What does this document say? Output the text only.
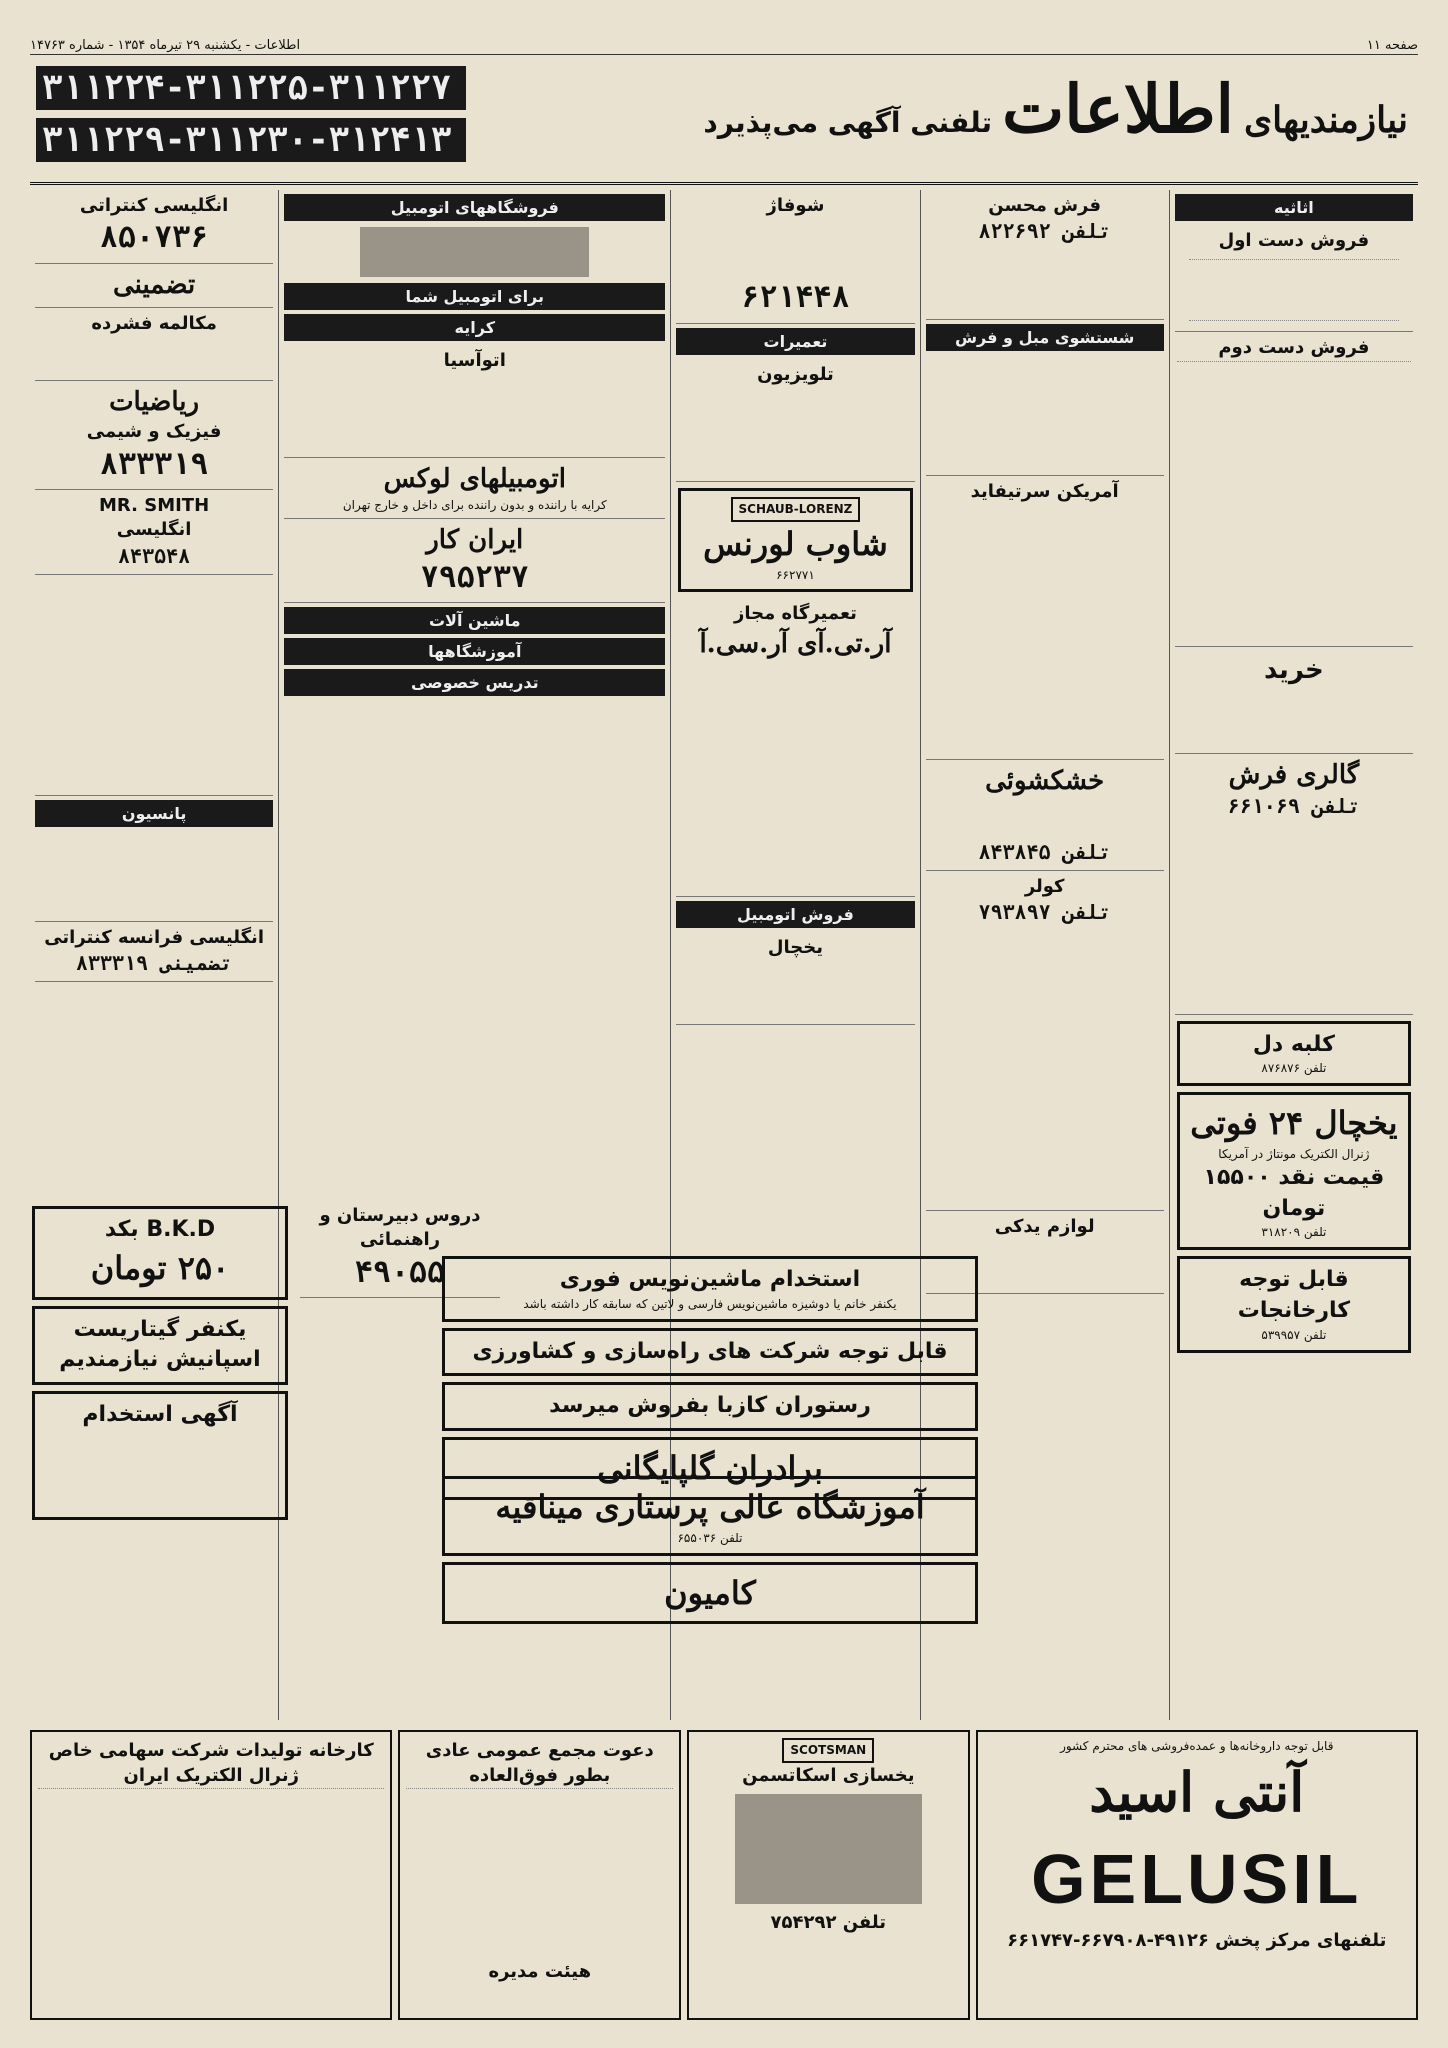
صفحه ۱۱
اطلاعات - یکشنبه ۲۹ تیرماه ۱۳۵۴ - شماره ۱۴۷۶۳
نیازمندیهای
اطلاعات
تلفنی آگهی می‌پذیرد
۳۱۱۲۲۴-۳۱۱۲۲۵-۳۱۱۲۲۷
۳۱۱۲۲۹-۳۱۱۲۳۰-۳۱۲۴۱۳
اثاثیه
فروش دست اول
فروش دست دوم
خرید
گالری فرش
تلفن ۶۶۱۰۶۹
کلبه دل
تلفن ۸۷۶۸۷۶
یخچال ۲۴ فوتی
ژنرال الکتریک مونتاژ در آمریکا
قیمت نقد ۱۵۵۰۰ تومان
تلفن ۳۱۸۲۰۹
قابل توجه کارخانجات
تلفن ۵۳۹۹۵۷
فرش محسن
تلفن ۸۲۲۶۹۲
شستشوی مبل و فرش
آمریکن سرتیفاید
خشکشوئی
تلفن ۸۴۳۸۴۵
کولر
تلفن ۷۹۳۸۹۷
لوازم یدکی
شوفاژ
۶۲۱۴۴۸
تعمیرات
تلویزیون
SCHAUB-LORENZ
شاوب لورنس
۶۶۲۷۷۱
تعمیرگاه مجاز
آر.تی.آی آر.سی.آ
فروش اتومبیل
یخچال
فروشگاههای اتومبیل
برای اتومبیل شما
کرایه
اتوآسیا
اتومبیلهای لوکس
کرایه با راننده و بدون راننده برای داخل و خارج تهران
ایران کار
۷۹۵۲۳۷
ماشین آلات
آموزشگاهها
تدریس خصوصی
انگلیسی کنتراتی
۸۵۰۷۳۶
تضمینی
مکالمه فشرده
ریاضیات
فیزیک و شیمی
۸۳۳۳۱۹
MR. SMITH
انگلیسی
۸۴۳۵۴۸
پانسیون
انگلیسی فرانسه کنتراتی
تضمینی ۸۳۳۳۱۹
B.K.D بکد
۲۵۰ تومان
یکنفر گیتاریست اسپانیش نیازمندیم
آگهی استخدام
دروس دبیرستان و راهنمائی
۴۹۰۵۵	استخدام ماشین‌نویس فوری
یکنفر خانم یا دوشیزه ماشین‌نویس فارسی و لاتین که سابقه کار داشته باشد
قابل توجه شرکت های راه‌سازی و کشاورزی
رستوران کازبا بفروش میرسد
برادران گلپایگانی
قابل توجه داروخانه‌ها و عمده‌فروشی های محترم کشور
آنتی اسید
GELUSIL
تلفنهای مرکز پخش ۴۹۱۲۶-۶۶۷۹۰۸-۶۶۱۷۴۷
SCOTSMAN
یخسازی اسکاتسمن
تلفن ۷۵۴۲۹۲
دعوت مجمع عمومی عادی بطور فوق‌العاده
هیئت مدیره
کارخانه تولیدات شرکت سهامی خاص ژنرال الکتریک ایران
آموزشگاه عالی پرستاری میناقیه
تلفن ۶۵۵۰۳۶
کامیون
